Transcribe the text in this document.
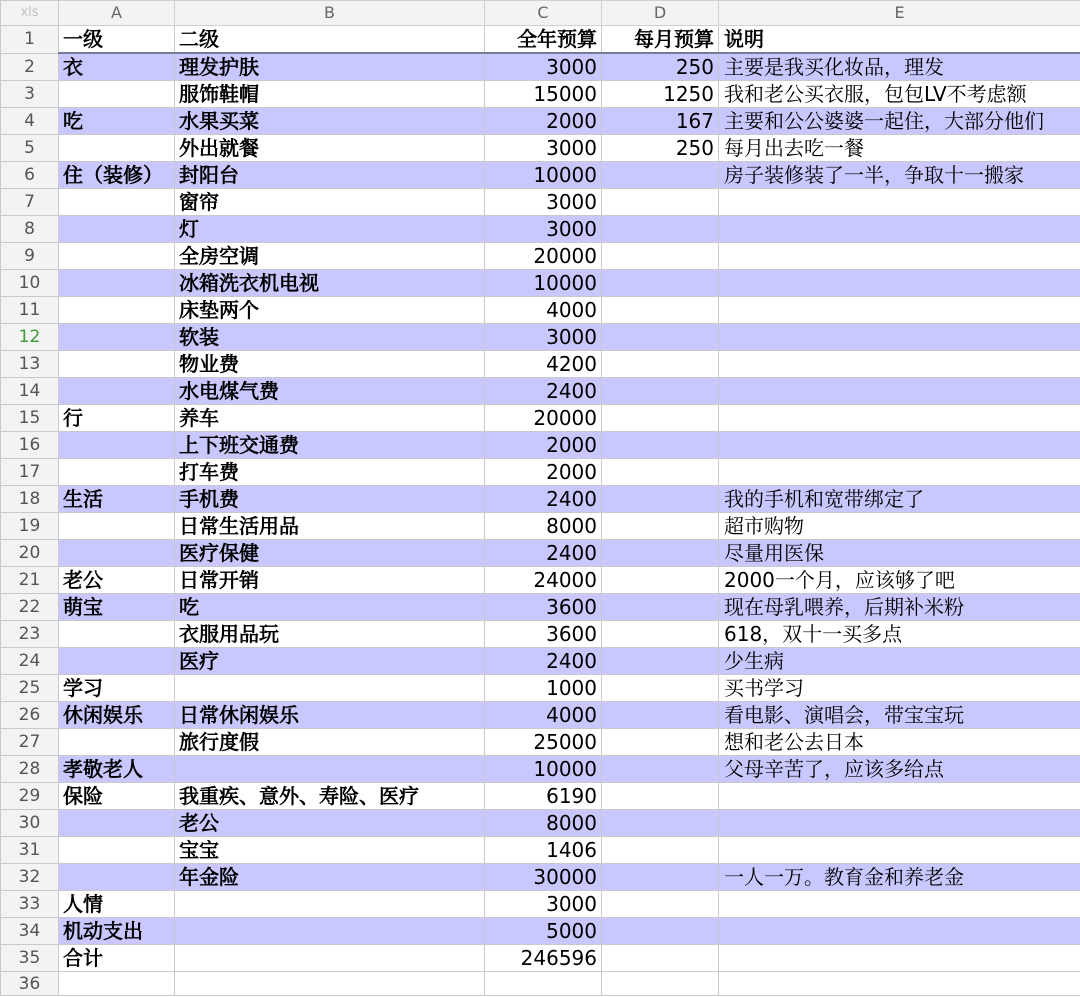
xls	A	B	C	D	E
1	一级	二级	全年预算	每月预算	说明
2	衣	理发护肤	3000	250	主要是我买化妆品，理发
3		服饰鞋帽	15000	1250	我和老公买衣服，包包LV不考虑额
4	吃	水果买菜	2000	167	主要和公公婆婆一起住，大部分他们
5		外出就餐	3000	250	每月出去吃一餐
6	住（装修）	封阳台	10000		房子装修装了一半，争取十一搬家
7		窗帘	3000		
8		灯	3000		
9		全房空调	20000		
10		冰箱洗衣机电视	10000		
11		床垫两个	4000		
12		软装	3000		
13		物业费	4200		
14		水电煤气费	2400		
15	行	养车	20000		
16		上下班交通费	2000		
17		打车费	2000		
18	生活	手机费	2400		我的手机和宽带绑定了
19		日常生活用品	8000		超市购物
20		医疗保健	2400		尽量用医保
21	老公	日常开销	24000		2000一个月，应该够了吧
22	萌宝	吃	3600		现在母乳喂养，后期补米粉
23		衣服用品玩	3600		618，双十一买多点
24		医疗	2400		少生病
25	学习		1000		买书学习
26	休闲娱乐	日常休闲娱乐	4000		看电影、演唱会，带宝宝玩
27		旅行度假	25000		想和老公去日本
28	孝敬老人		10000		父母辛苦了，应该多给点
29	保险	我重疾、意外、寿险、医疗	6190		
30		老公	8000		
31		宝宝	1406		
32		年金险	30000		一人一万。教育金和养老金
33	人情		3000		
34	机动支出		5000		
35	合计		246596		
36					
